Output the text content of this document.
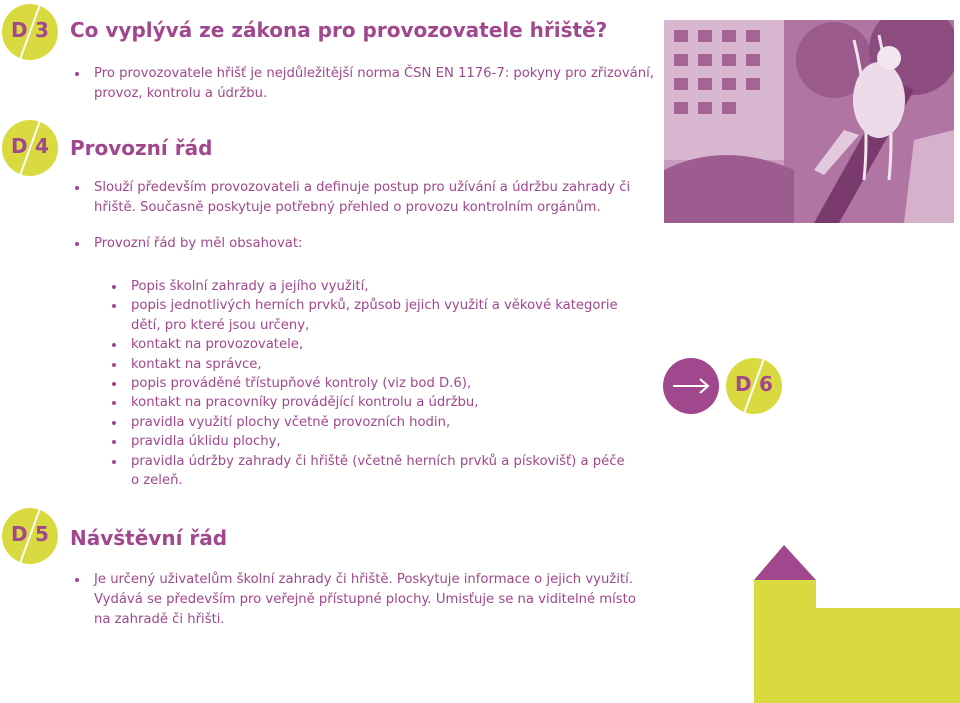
D 3 Co vyplývá ze zákona pro provozovatele hřiště?
Pro provozovatele hřišť je nejdůležitější norma ČSN EN 1176-7: pokyny pro zřizování, provoz, kontrolu a údržbu.
D 4 Provozní řád
Slouží především provozovateli a definuje postup pro užívání a údržbu zahrady či hřiště. Současně poskytuje potřebný přehled o provozu kontrolním orgánům.
Provozní řád by měl obsahovat:
Popis školní zahrady a jejího využití,
popis jednotlivých herních prvků, způsob jejich využití a věkové kategorie dětí, pro které jsou určeny,
kontakt na provozovatele,
kontakt na správce,
popis prováděné třístupňové kontroly (viz bod D.6),
kontakt na pracovníky provádějící kontrolu a údržbu,
pravidla využití plochy včetně provozních hodin,
pravidla úklidu plochy,
pravidla údržby zahrady či hřiště (včetně herních prvků a pískovišť) a péče o zeleň.
D 5 Návštěvní řád
Je určený uživatelům školní zahrady či hřiště. Poskytuje informace o jejich využití. Vydává se především pro veřejně přístupné plochy. Umisťuje se na viditelné místo na zahradě či hřišti.
D 6
